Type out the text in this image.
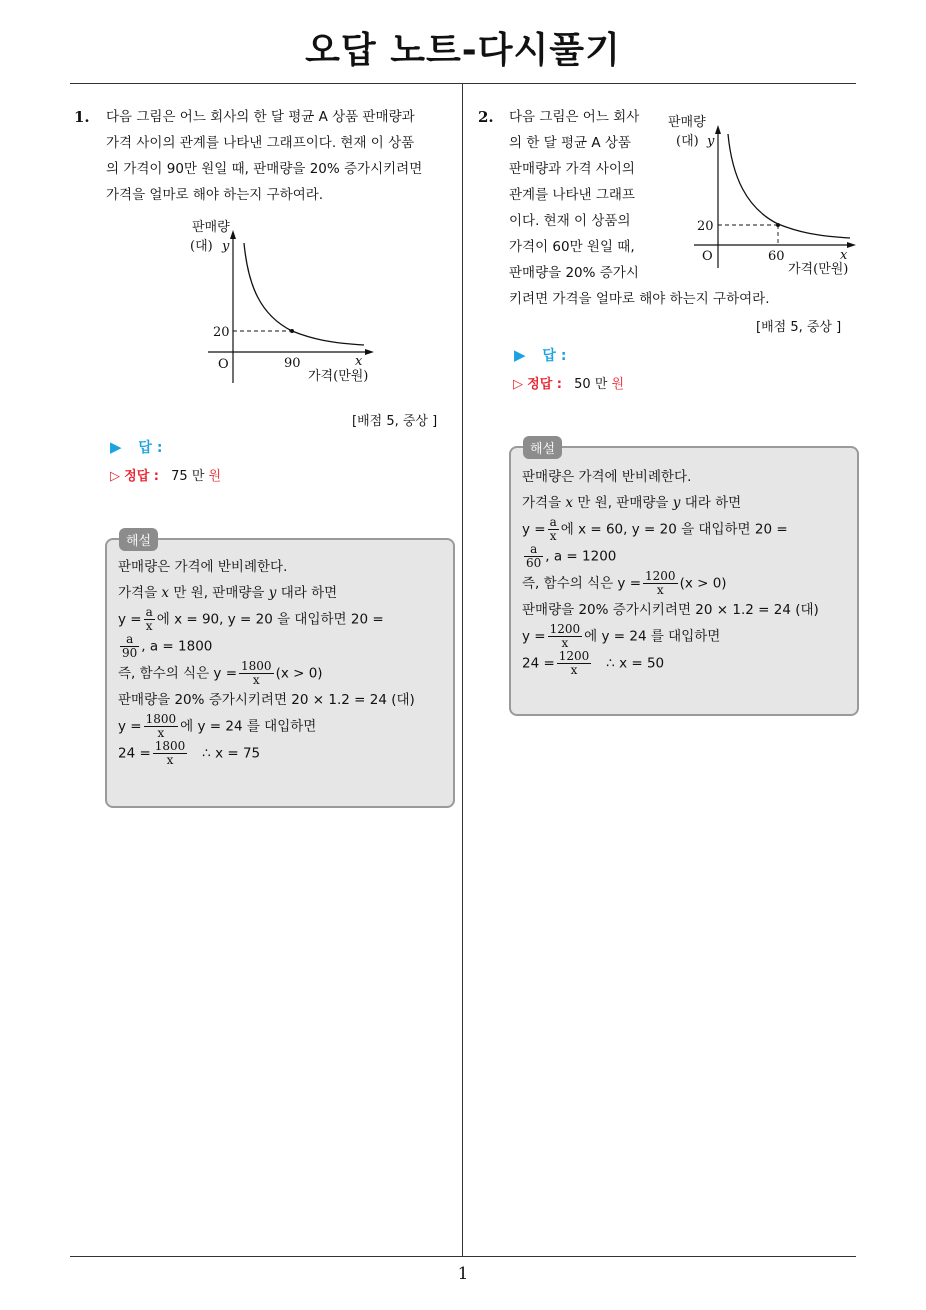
오답 노트-다시풀기
1. 다음 그림은 어느 회사의 한 달 평균 A 상품 판매량과
가격 사이의 관계를 나타낸 그래프이다. 현재 이 상품
의 가격이 90만 원일 때, 판매량을 20% 증가시키려면
가격을 얼마로 해야 하는지 구하여라.
판매량
(대) y
20
O	90	x
가격(만원)
[배점 5, 중상 ]
▶ 답 :
▷ 정답 : 75 만 원
해설
판매량은 가격에 반비례한다.
가격을 x 만 원, 판매량을 y 대라 하면
$y = \frac{a}{x}$ 에 x = 90, y = 20 을 대입하면 20 =
$\frac{a}{90}$ , a = 1800
즉, 함수의 식은 $y = \frac{1800}{x} (x > 0)$
판매량을 20% 증가시키려면 20 × 1.2 = 24 (대)
$y = \frac{1800}{x}$ 에 y = 24 를 대입하면
$24 = \frac{1800}{x}$ ∴ x = 75
2. 다음 그림은 어느 회사
의 한 달 평균 A 상품
판매량과 가격 사이의
관계를 나타낸 그래프
이다. 현재 이 상품의
가격이 60만 원일 때,
판매량을 20% 증가시
키려면 가격을 얼마로 해야 하는지 구하여라.
판매량
(대) y
20
O	60	x
가격(만원)
[배점 5, 중상 ]
▶ 답 :
▷ 정답 : 50 만 원
해설
판매량은 가격에 반비례한다.
가격을 x 만 원, 판매량을 y 대라 하면
$y = \frac{a}{x}$ 에 x = 60, y = 20 을 대입하면 20 =
$\frac{a}{60}$ , a = 1200
즉, 함수의 식은 $y = \frac{1200}{x} (x > 0)$
판매량을 20% 증가시키려면 20 × 1.2 = 24 (대)
$y = \frac{1200}{x}$ 에 y = 24 를 대입하면
$24 = \frac{1200}{x}$ ∴ x = 50
1
